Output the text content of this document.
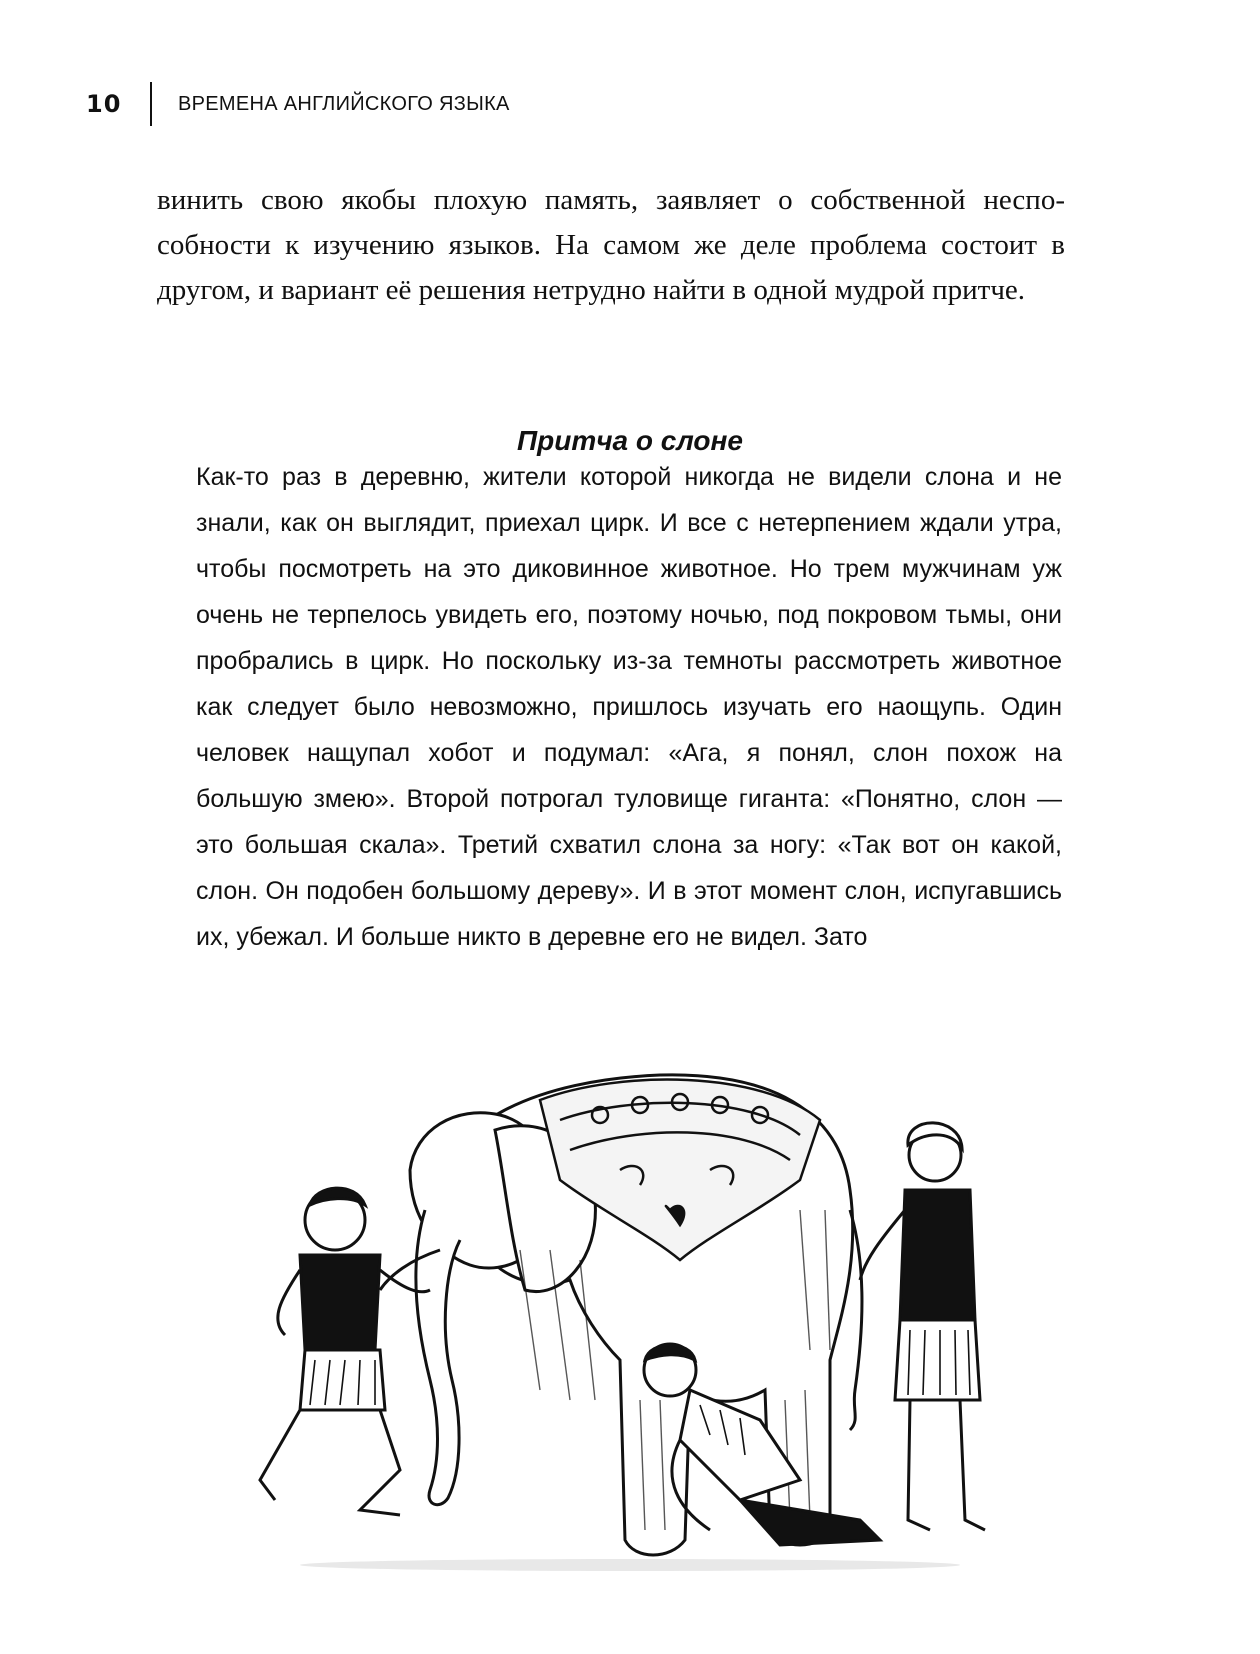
10	ВРЕМЕНА АНГЛИЙСКОГО ЯЗЫКА

винить свою якобы плохую память, заявляет о собственной неспособности к изучению языков. На самом же деле проблема состоит в другом, и вариант её решения нетрудно найти в одной мудрой притче.

Притча о слоне

Как-то раз в деревню, жители которой никогда не видели слона и не знали, как он выглядит, приехал цирк. И все с нетерпением ждали утра, чтобы посмотреть на это диковинное животное. Но трем мужчинам уж очень не терпелось увидеть его, поэтому ночью, под покровом тьмы, они пробрались в цирк. Но поскольку из-за темноты рассмотреть животное как следует было невозможно, пришлось изучать его наощупь. Один человек нащупал хобот и подумал: «Ага, я понял, слон похож на большую змею». Второй потрогал туловище гиганта: «Понятно, слон — это большая скала». Третий схватил слона за ногу: «Так вот он какой, слон. Он подобен большому дереву». И в этот момент слон, испугавшись их, убежал. И больше никто в деревне его не видел. Зато
